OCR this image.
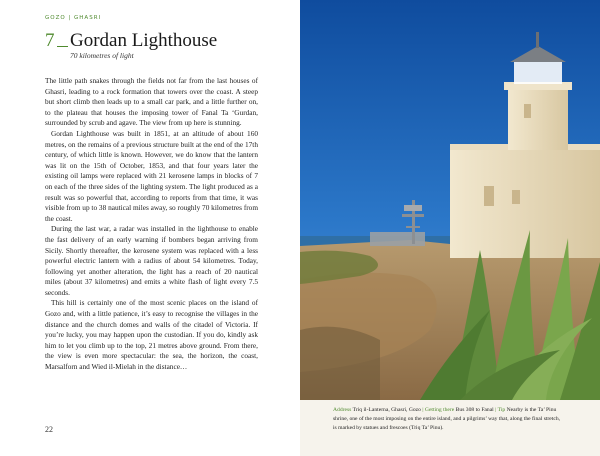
GOZO | GHASRI
7 Gordan Lighthouse
70 kilometres of light

The little path snakes through the fields not far from the last houses of Ghasri, leading to a rock formation that towers over the coast. A steep but short climb then leads up to a small car park, and a little further on, to the plateau that houses the imposing tower of Fanal Ta ‘Gurdan, surrounded by scrub and agave. The view from up here is stunning.

Gordan Lighthouse was built in 1851, at an altitude of about 160 metres, on the remains of a previous structure built at the end of the 17th century, of which little is known. However, we do know that the lantern was lit on the 15th of October, 1853, and that four years later the existing oil lamps were replaced with 21 kerosene lamps in blocks of 7 on each of the three sides of the lighting system. The light produced as a result was so powerful that, according to reports from that time, it was visible from up to 38 nautical miles away, so roughly 70 kilometres from the coast.

During the last war, a radar was installed in the lighthouse to enable the fast delivery of an early warning if bombers began arriving from Sicily. Shortly thereafter, the kerosene system was replaced with a less powerful electric lantern with a radius of about 54 kilometres. Today, following yet another alteration, the light has a reach of 20 nautical miles (about 37 kilometres) and emits a white flash of light every 7.5 seconds.

This hill is certainly one of the most scenic places on the island of Gozo and, with a little patience, it’s easy to recognise the villages in the distance and the church domes and walls of the citadel of Victoria. If you’re lucky, you may happen upon the custodian. If you do, kindly ask him to let you climb up to the top, 21 metres above ground. From there, the view is even more spectacular: the sea, the horizon, the coast, Marsalforn and Wied il-Mielah in the distance…

22
Address Triq il-Lanterna, Ghasri, Gozo | Getting there Bus 308 to Fanal | Tip Nearby is the Ta’ Pinu shrine, one of the most imposing on the entire island, and a pilgrims’ way that, along the final stretch, is marked by statues and frescoes (Triq Ta’ Pinu).
